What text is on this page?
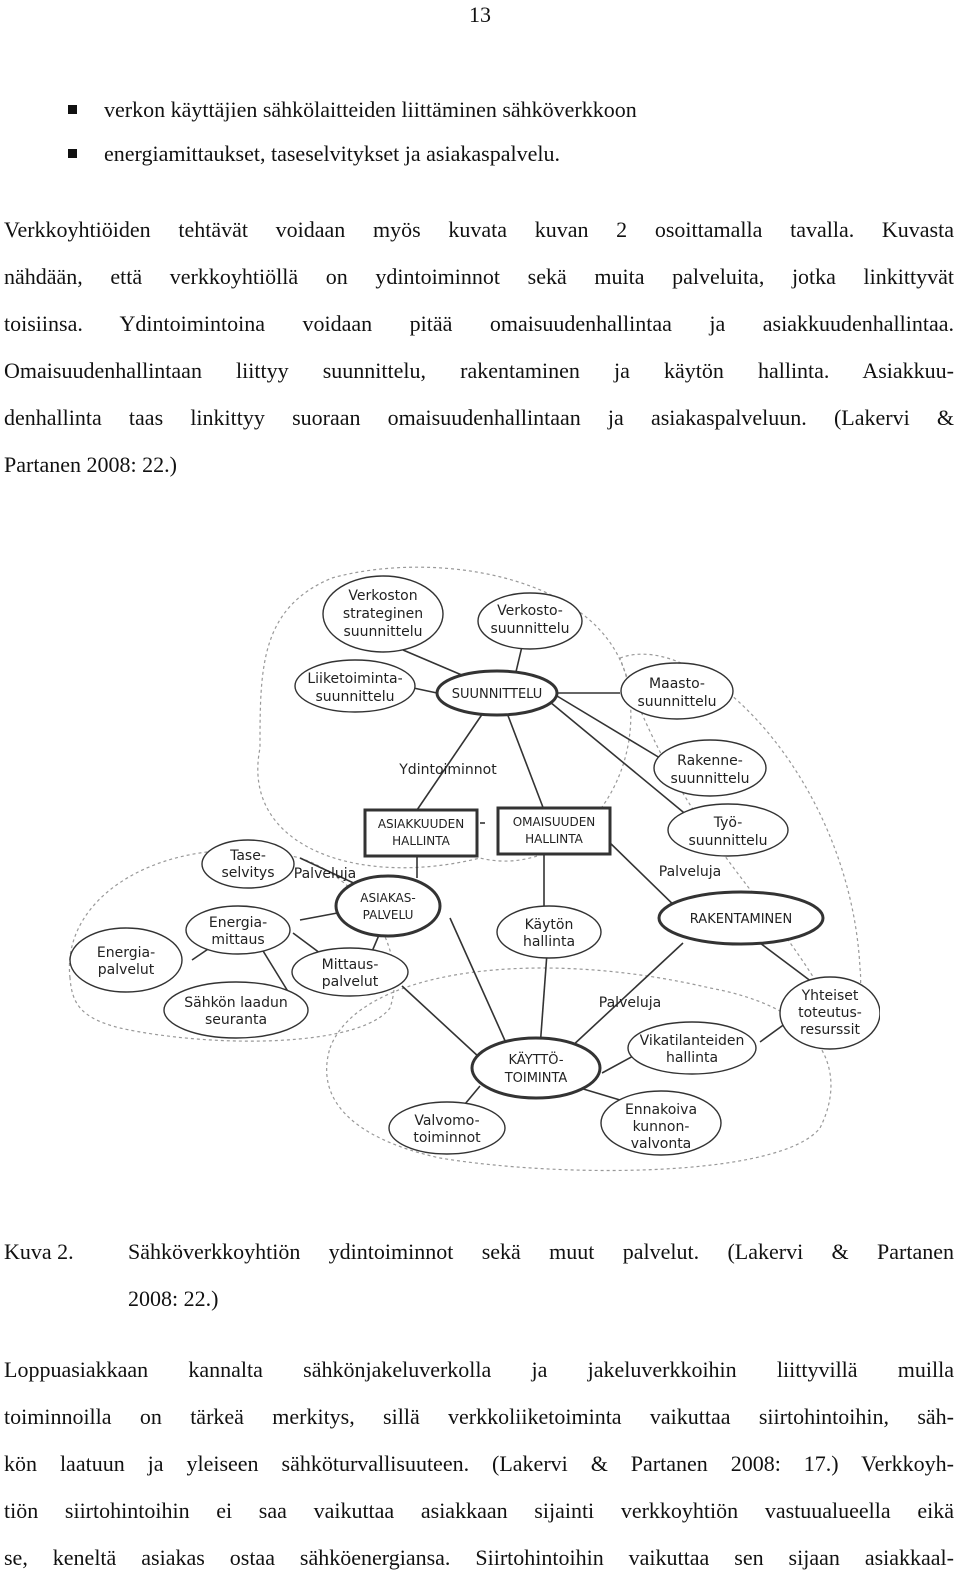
13
verkon käyttäjien sähkölaitteiden liittäminen sähköverkkoon
energiamittaukset, taseselvitykset ja asiakaspalvelu.

Verkkoyhtiöiden tehtävät voidaan myös kuvata kuvan 2 osoittamalla tavalla. Kuvasta
nähdään, että verkkoyhtiöllä on ydintoiminnot sekä muita palveluita, jotka linkittyvät
toisiinsa. Ydintoimintoina voidaan pitää omaisuudenhallintaa ja asiakkuudenhallintaa.
Omaisuudenhallintaan liittyy suunnittelu, rakentaminen ja käytön hallinta. Asiakkuu-
denhallinta taas linkittyy suoraan omaisuudenhallintaan ja asiakaspalveluun. (Lakervi &
Partanen 2008: 22.)

Verkoston
strateginen
suunnittelu
Verkosto-
suunnittelu
Liiketoiminta-
suunnittelu	SUUNNITTELU
Maasto-
suunnittelu
Rakenne-
suunnittelu
Työ-
suunnittelu
ASIAKKUUDEN
HALLINTA
OMAISUUDEN
HALLINTA
Tase-
selvitys
ASIAKAS-
PALVELU
Energia-
mittaus
Energia-
palvelut	Mittaus-
palvelut
Sähkön laadun
seuranta
Käytön
hallinta
RAKENTAMINEN
Yhteiset
toteutus-
resurssit
Vikatilanteiden
hallinta
KÄYTTÖ-
TOIMINTA
Valvomo-
toiminnot
Ennakoiva
kunnon-
valvonta
Ydintoiminnot
Palveluja	Palveluja
Palveluja
Kuva 2. Sähköverkkoyhtiön ydintoiminnot sekä muut palvelut. (Lakervi & Partanen
2008: 22.)

Loppuasiakkaan kannalta sähkönjakeluverkolla ja jakeluverkkoihin liittyvillä muilla
toiminnoilla on tärkeä merkitys, sillä verkkoliiketoiminta vaikuttaa siirtohintoihin, säh-
kön laatuun ja yleiseen sähköturvallisuuteen. (Lakervi & Partanen 2008: 17.) Verkkoyh-
tiön siirtohintoihin ei saa vaikuttaa asiakkaan sijainti verkkoyhtiön vastuualueella eikä
se, keneltä asiakas ostaa sähköenergiansa. Siirtohintoihin vaikuttaa sen sijaan asiakkaal-
